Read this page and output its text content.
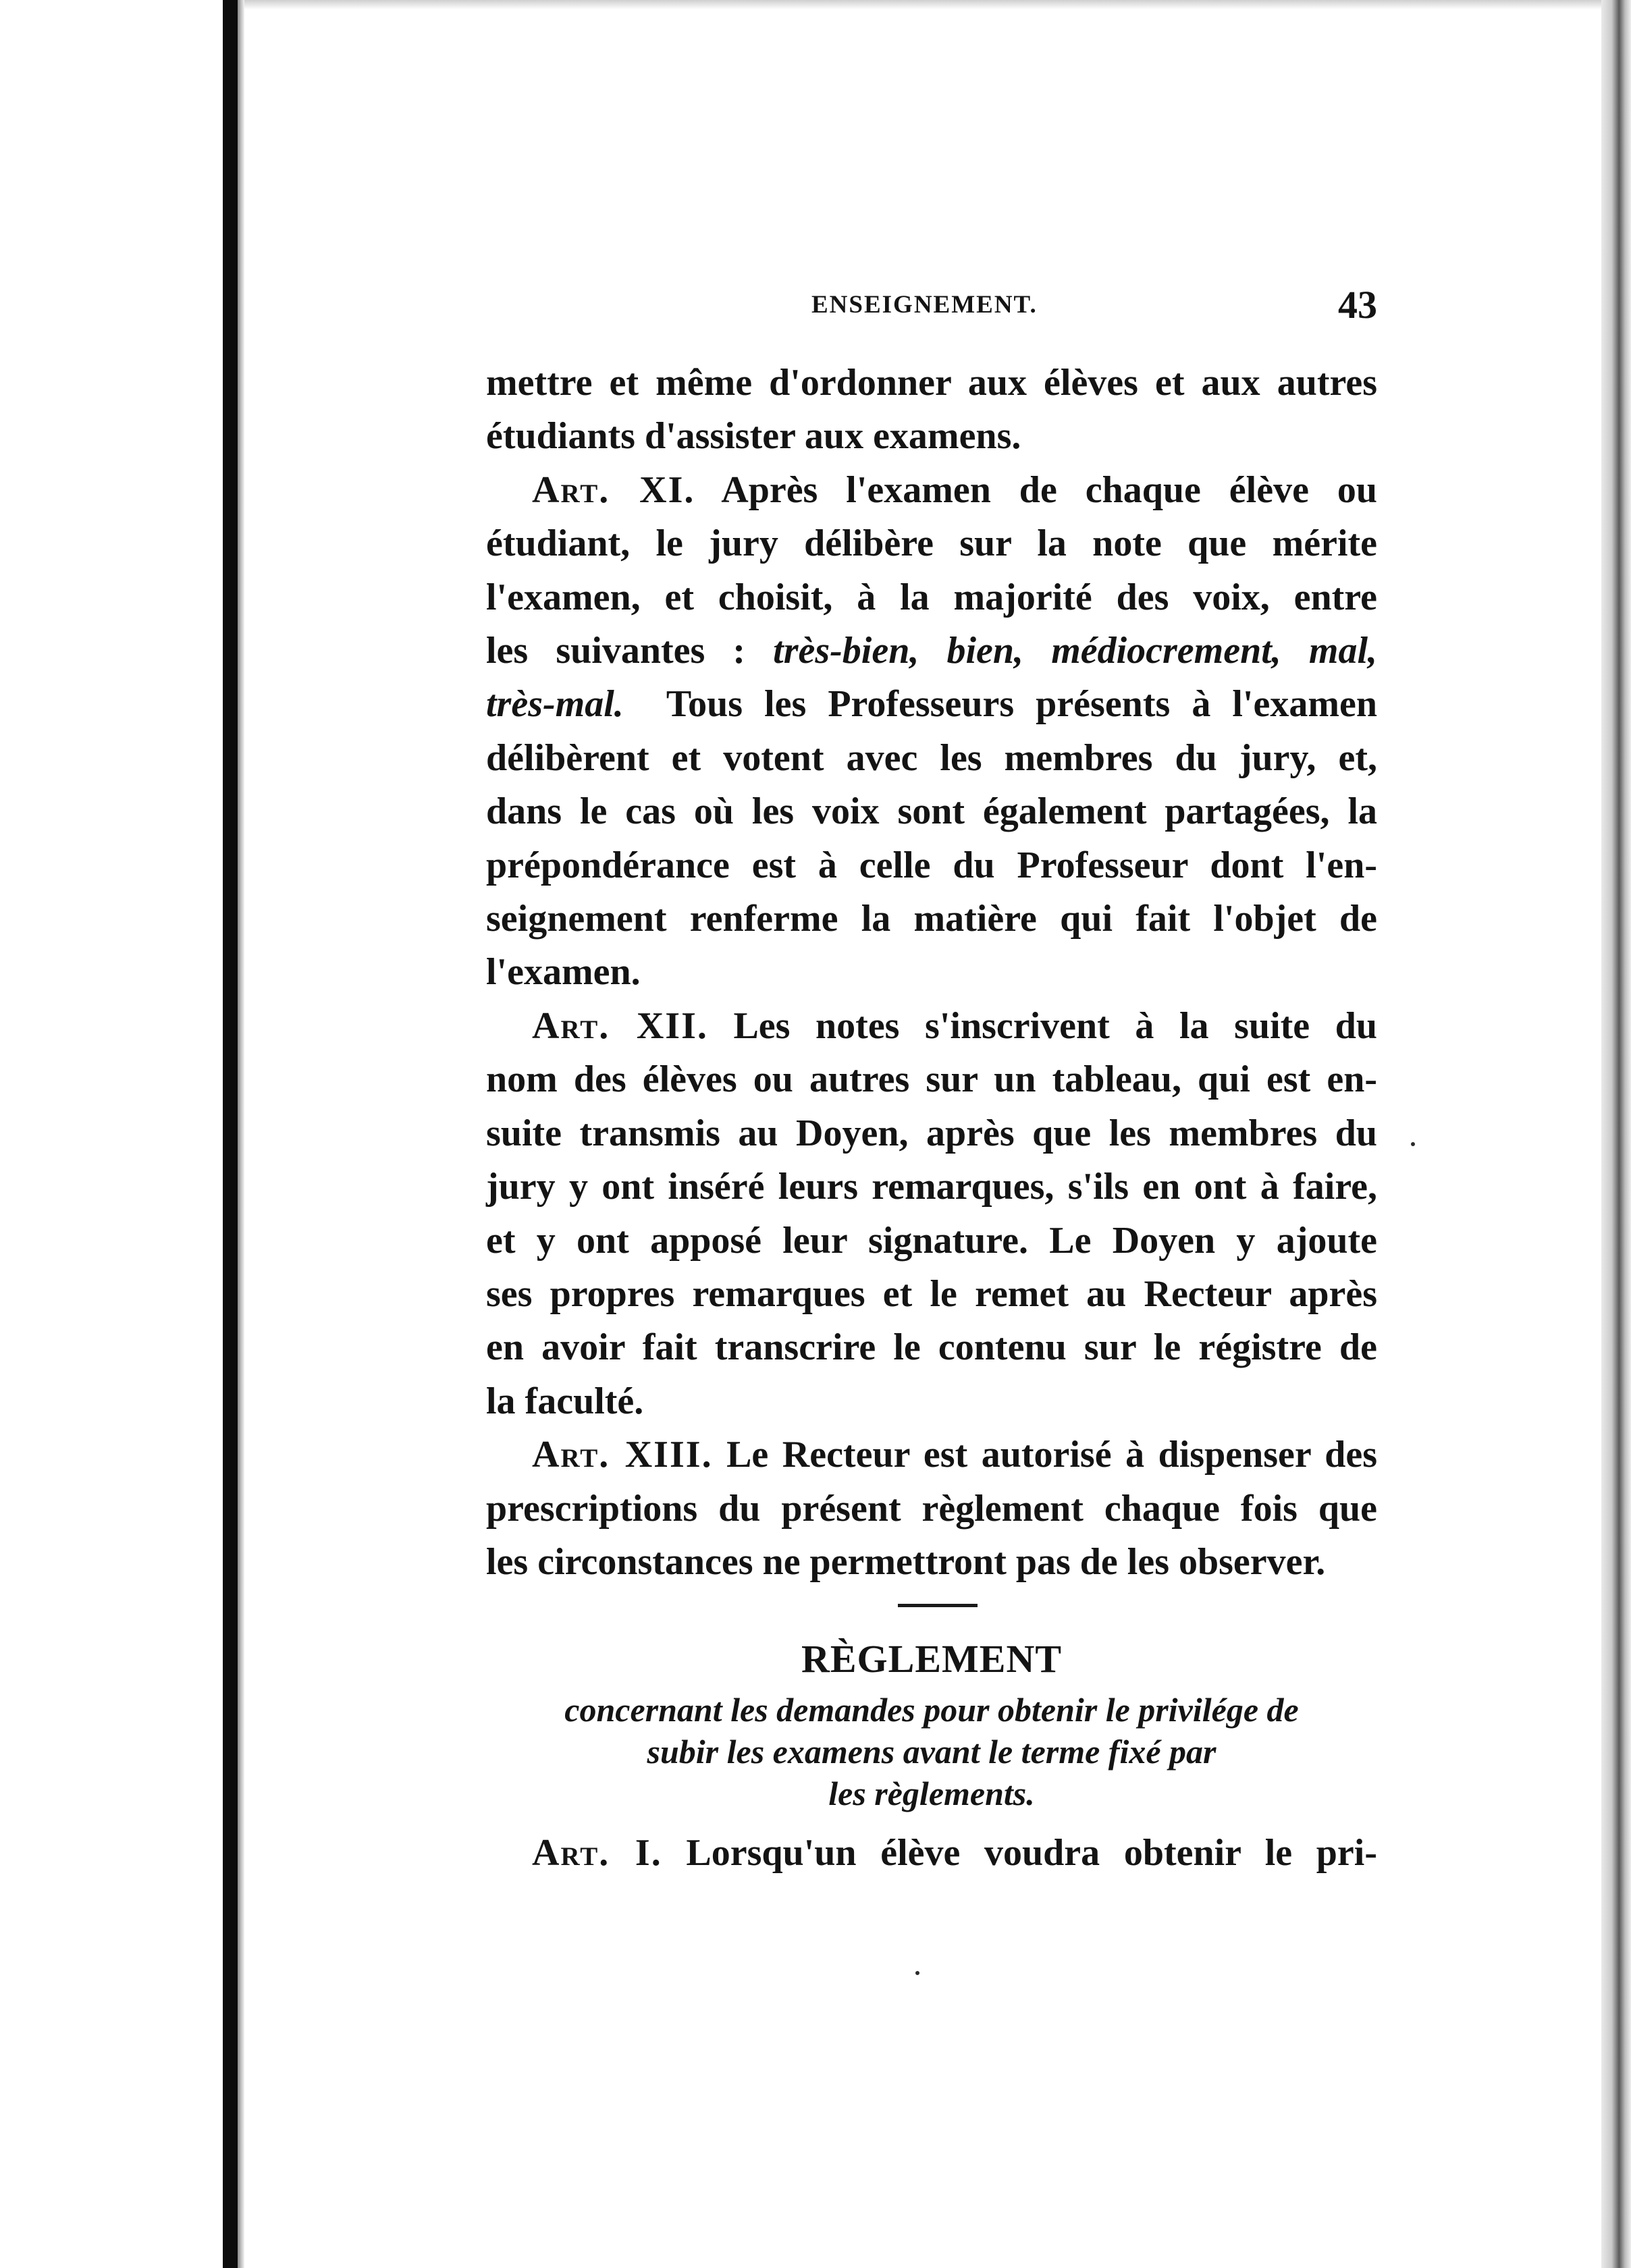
ENSEIGNEMENT.	43

mettre et même d'ordonner aux élèves et aux autres

étudiants d'assister aux examens.

Art. XI. Après l'examen de chaque élève ou

étudiant, le jury délibère sur la note que mérite

l'examen, et choisit, à la majorité des voix, entre

les suivantes : très-bien, bien, médiocrement, mal,

très-mal. Tous les Professeurs présents à l'examen

délibèrent et votent avec les membres du jury, et,

dans le cas où les voix sont également partagées, la

prépondérance est à celle du Professeur dont l'en-

seignement renferme la matière qui fait l'objet de

l'examen.

Art. XII. Les notes s'inscrivent à la suite du

nom des élèves ou autres sur un tableau, qui est en-

suite transmis au Doyen, après que les membres du

jury y ont inséré leurs remarques, s'ils en ont à faire,

et y ont apposé leur signature. Le Doyen y ajoute

ses propres remarques et le remet au Recteur après

en avoir fait transcrire le contenu sur le régistre de

la faculté.

Art. XIII. Le Recteur est autorisé à dispenser des

prescriptions du présent règlement chaque fois que

les circonstances ne permettront pas de les observer.

RÈGLEMENT

concernant les demandes pour obtenir le privilége de
subir les examens avant le terme fixé par
les règlements.

Art. I. Lorsqu'un élève voudra obtenir le pri-
